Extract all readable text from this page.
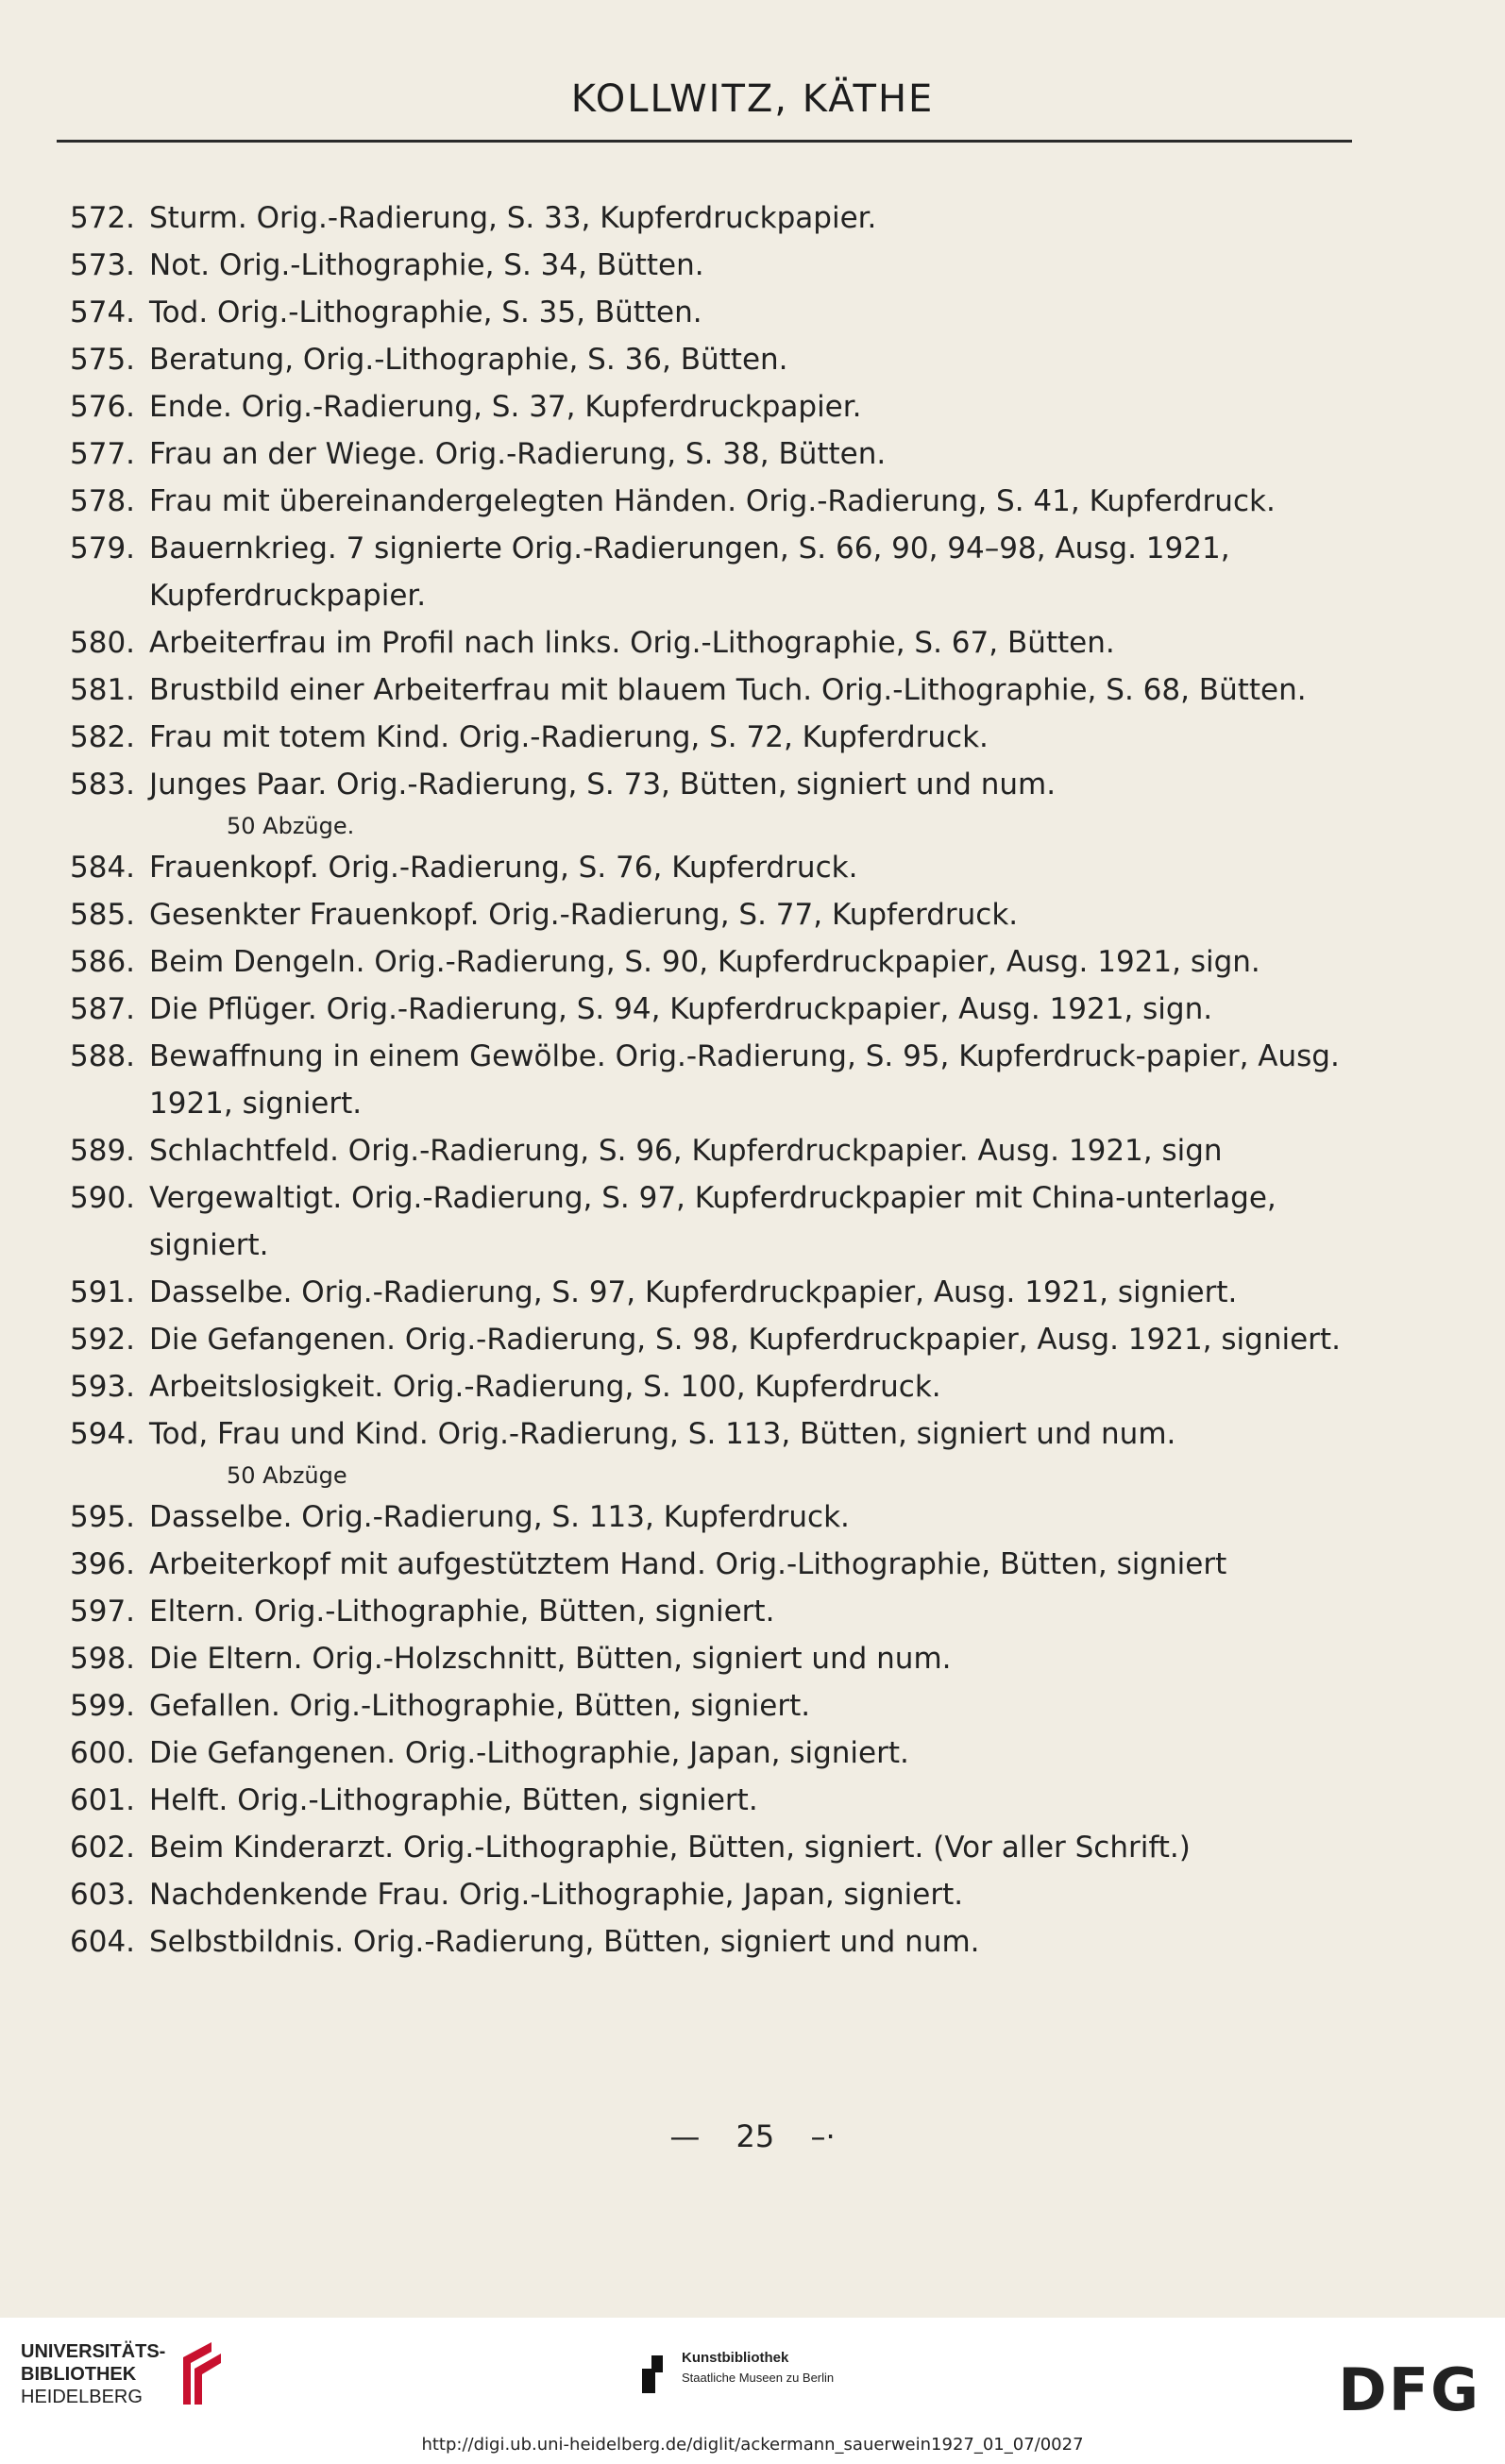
KOLLWITZ, KÄTHE
572. Sturm. Orig.-Radierung, S. 33, Kupferdruckpapier.
573. Not. Orig.-Lithographie, S. 34, Bütten.
574. Tod. Orig.-Lithographie, S. 35, Bütten.
575. Beratung, Orig.-Lithographie, S. 36, Bütten.
576. Ende. Orig.-Radierung, S. 37, Kupferdruckpapier.
577. Frau an der Wiege. Orig.-Radierung, S. 38, Bütten.
578. Frau mit übereinandergelegten Händen. Orig.-Radierung, S. 41, Kupferdruck.
579. Bauernkrieg. 7 signierte Orig.-Radierungen, S. 66, 90, 94–98, Ausg. 1921, Kupferdruckpapier.
580. Arbeiterfrau im Profil nach links. Orig.-Lithographie, S. 67, Bütten.
581. Brustbild einer Arbeiterfrau mit blauem Tuch. Orig.-Lithographie, S. 68, Bütten.
582. Frau mit totem Kind. Orig.-Radierung, S. 72, Kupferdruck.
583. Junges Paar. Orig.-Radierung, S. 73, Bütten, signiert und num.
50 Abzüge.
584. Frauenkopf. Orig.-Radierung, S. 76, Kupferdruck.
585. Gesenkter Frauenkopf. Orig.-Radierung, S. 77, Kupferdruck.
586. Beim Dengeln. Orig.-Radierung, S. 90, Kupferdruckpapier, Ausg. 1921, sign.
587. Die Pflüger. Orig.-Radierung, S. 94, Kupferdruckpapier, Ausg. 1921, sign.
588. Bewaffnung in einem Gewölbe. Orig.-Radierung, S. 95, Kupferdruck-papier, Ausg. 1921, signiert.
589. Schlachtfeld. Orig.-Radierung, S. 96, Kupferdruckpapier. Ausg. 1921, sign
590. Vergewaltigt. Orig.-Radierung, S. 97, Kupferdruckpapier mit China-unterlage, signiert.
591. Dasselbe. Orig.-Radierung, S. 97, Kupferdruckpapier, Ausg. 1921, signiert.
592. Die Gefangenen. Orig.-Radierung, S. 98, Kupferdruckpapier, Ausg. 1921, signiert.
593. Arbeitslosigkeit. Orig.-Radierung, S. 100, Kupferdruck.
594. Tod, Frau und Kind. Orig.-Radierung, S. 113, Bütten, signiert und num.
50 Abzüge
595. Dasselbe. Orig.-Radierung, S. 113, Kupferdruck.
396. Arbeiterkopf mit aufgestütztem Hand. Orig.-Lithographie, Bütten, signiert
597. Eltern. Orig.-Lithographie, Bütten, signiert.
598. Die Eltern. Orig.-Holzschnitt, Bütten, signiert und num.
599. Gefallen. Orig.-Lithographie, Bütten, signiert.
600. Die Gefangenen. Orig.-Lithographie, Japan, signiert.
601. Helft. Orig.-Lithographie, Bütten, signiert.
602. Beim Kinderarzt. Orig.-Lithographie, Bütten, signiert. (Vor aller Schrift.)
603. Nachdenkende Frau. Orig.-Lithographie, Japan, signiert.
604. Selbstbildnis. Orig.-Radierung, Bütten, signiert und num.
— 25 –·
UNIVERSITÄTS-
BIBLIOTHEK
HEIDELBERG
Kunstbibliothek
Staatliche Museen zu Berlin	DFG
http://digi.ub.uni-heidelberg.de/diglit/ackermann_sauerwein1927_01_07/0027
